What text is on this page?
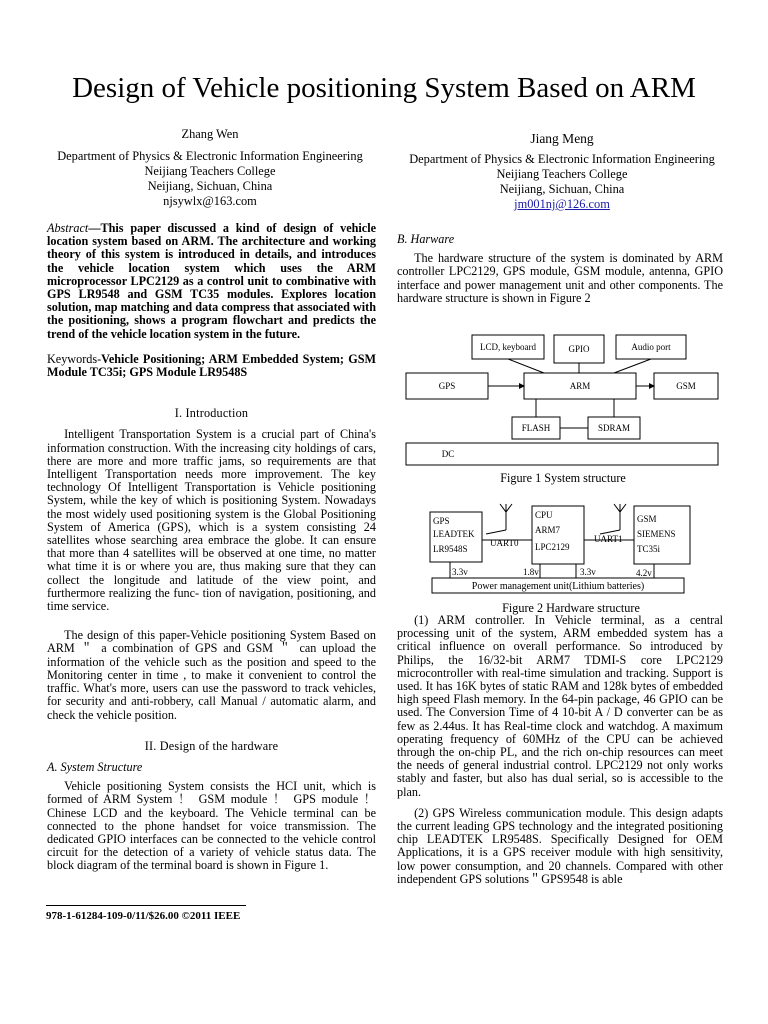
Design of Vehicle positioning System Based on ARM
Zhang Wen
Department of Physics & Electronic Information Engineering
Neijiang Teachers College
Neijiang, Sichuan, China
njsywlx@163.com
Jiang Meng
Department of Physics & Electronic Information Engineering
Neijiang Teachers College
Neijiang, Sichuan, China
jm001nj@126.com

Abstract—This paper discussed a kind of design of vehicle location system based on ARM. The architecture and working theory of this system is introduced in details, and introduces the vehicle location system which uses the ARM microprocessor LPC2129 as a control unit to combinative with GPS LR9548 and GSM TC35 modules. Explores location solution, map matching and data compress that associated with the positioning, shows a program flowchart and predicts the trend of the vehicle location system in the future.

Keywords-Vehicle Positioning; ARM Embedded System; GSM Module TC35i; GPS Module LR9548S

I. Introduction

Intelligent Transportation System is a crucial part of China's information construction. With the increasing city holdings of cars, there are more and more traffic jams, so requirements are that Intelligent Transportation needs more improvement. The key technology Of Intelligent Transportation is Vehicle positioning System, while the key of which is positioning System. Nowadays the most widely used positioning system is the Global Positioning System of America (GPS), which is a system consisting 24 satellites whose searching area embrace the globe. It can ensure that more than 4 satellites will be observed at one time, no matter what time it is or where you are, thus making sure that they can collect the longitude and latitude of the view point, and furthermore realizing the func- tion of navigation, positioning, and time service.

The design of this paper-Vehicle positioning System Based on ARM ＂ a combination of GPS and GSM ＂ can upload the information of the vehicle such as the position and speed to the Monitoring center in time , to make it convenient to control the traffic. What's more, users can use the password to track vehicles, for security and anti-robbery, call Manual / automatic alarm, and check the vehicle position.

II. Design of the hardware
A. System Structure

Vehicle positioning System consists the HCI unit, which is formed of ARM System ！ GSM module ！ GPS module ！ Chinese LCD and the keyboard. The Vehicle terminal can be connected to the phone handset for voice transmission. The dedicated GPIO interfaces can be connected to the vehicle control circuit for the detection of a variety of vehicle status data. The block diagram of the terminal board is shown in Figure 1.

978-1-61284-109-0/11/$26.00 ©2011 IEEE
B. Harware

The hardware structure of the system is dominated by ARM controller LPC2129, GPS module, GSM module, antenna, GPIO interface and power management unit and other components. The hardware structure is shown in Figure 2

LCD, keyboard	GPIO	Audio port
GPS	ARM	GSM
FLASH	SDRAM
DC
Figure 1 System structure
GPS
LEADTEK
LR9548S
CPU
ARM7
LPC2129
GSM
SIEMENS
TC35i
UART0	UART1
3.3v	1.8v	3.3v	4.2v
Power management unit(Lithium batteries)
Figure 2 Hardware structure

(1) ARM controller. In Vehicle terminal, as a central processing unit of the system, ARM embedded system has a critical influence on overall performance. So introduced by Philips, the 16/32-bit ARM7 TDMI-S core LPC2129 microcontroller with real-time simulation and tracking. Support is used. It has 16K bytes of static RAM and 128k bytes of embedded high speed Flash memory. In the 64-pin package, 46 GPIO can be used. The Conversion Time of 4 10-bit A / D converter can be as few as 2.44us. It has Real-time clock and watchdog. A maximum operating frequency of 60MHz of the CPU can be achieved through the on-chip PL, and the rich on-chip resources can meet the needs of general industrial control. LPC2129 not only works stably and faster, but also has dual serial, so is accessible to the plan.

(2) GPS Wireless communication module. This design adapts the current leading GPS technology and the integrated positioning chip LEADTEK LR9548S. Specifically Designed for OEM Applications, it is a GPS receiver module with high sensitivity, low power consumption, and 20 channels. Compared with other independent GPS solutions＂GPS9548 is able
